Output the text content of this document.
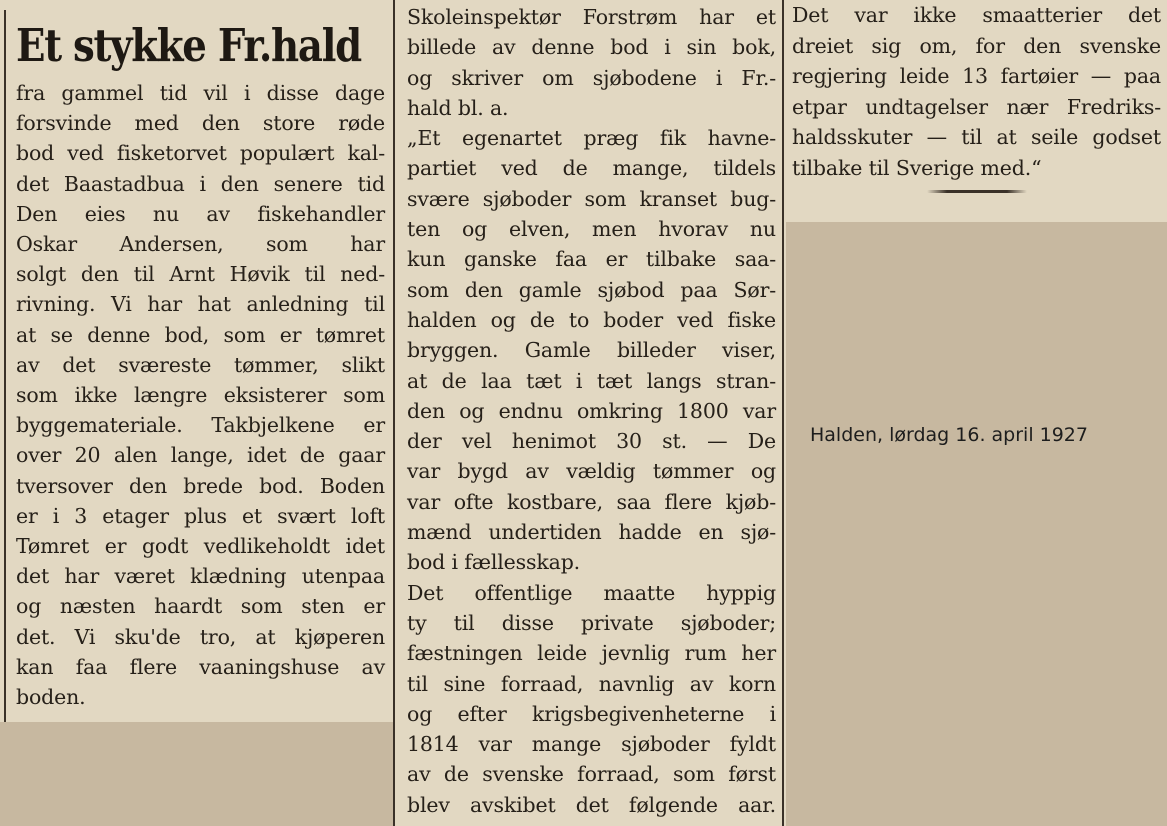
Et stykke Fr.hald
fra gammel tid vil i disse dage
forsvinde med den store røde
bod ved fisketorvet populært kal-
det Baastadbua i den senere tid
Den eies nu av fiskehandler
Oskar Andersen, som har
solgt den til Arnt Høvik til ned-
rivning. Vi har hat anledning til
at se denne bod, som er tømret
av det sværeste tømmer, slikt
som ikke længre eksisterer som
byggemateriale. Takbjelkene er
over 20 alen lange, idet de gaar
tversover den brede bod. Boden
er i 3 etager plus et svært loft
Tømret er godt vedlikeholdt idet
det har været klædning utenpaa
og næsten haardt som sten er
det. Vi sku'de tro, at kjøperen
kan faa flere vaaningshuse av
boden.
Skoleinspektør Forstrøm har et
billede av denne bod i sin bok,
og skriver om sjøbodene i Fr.-
hald bl. a.
„Et egenartet præg fik havne-
partiet ved de mange, tildels
svære sjøboder som kranset bug-
ten og elven, men hvorav nu
kun ganske faa er tilbake saa-
som den gamle sjøbod paa Sør-
halden og de to boder ved fiske
bryggen. Gamle billeder viser,
at de laa tæt i tæt langs stran-
den og endnu omkring 1800 var
der vel henimot 30 st. — De
var bygd av vældig tømmer og
var ofte kostbare, saa flere kjøb-
mænd undertiden hadde en sjø-
bod i fællesskap.
Det offentlige maatte hyppig
ty til disse private sjøboder;
fæstningen leide jevnlig rum her
til sine forraad, navnlig av korn
og efter krigsbegivenheterne i
1814 var mange sjøboder fyldt
av de svenske forraad, som først
blev avskibet det følgende aar.
Det var ikke smaatterier det
dreiet sig om, for den svenske
regjering leide 13 fartøier — paa
etpar undtagelser nær Fredriks-
haldsskuter — til at seile godset
tilbake til Sverige med.“
Halden, lørdag 16. april 1927
